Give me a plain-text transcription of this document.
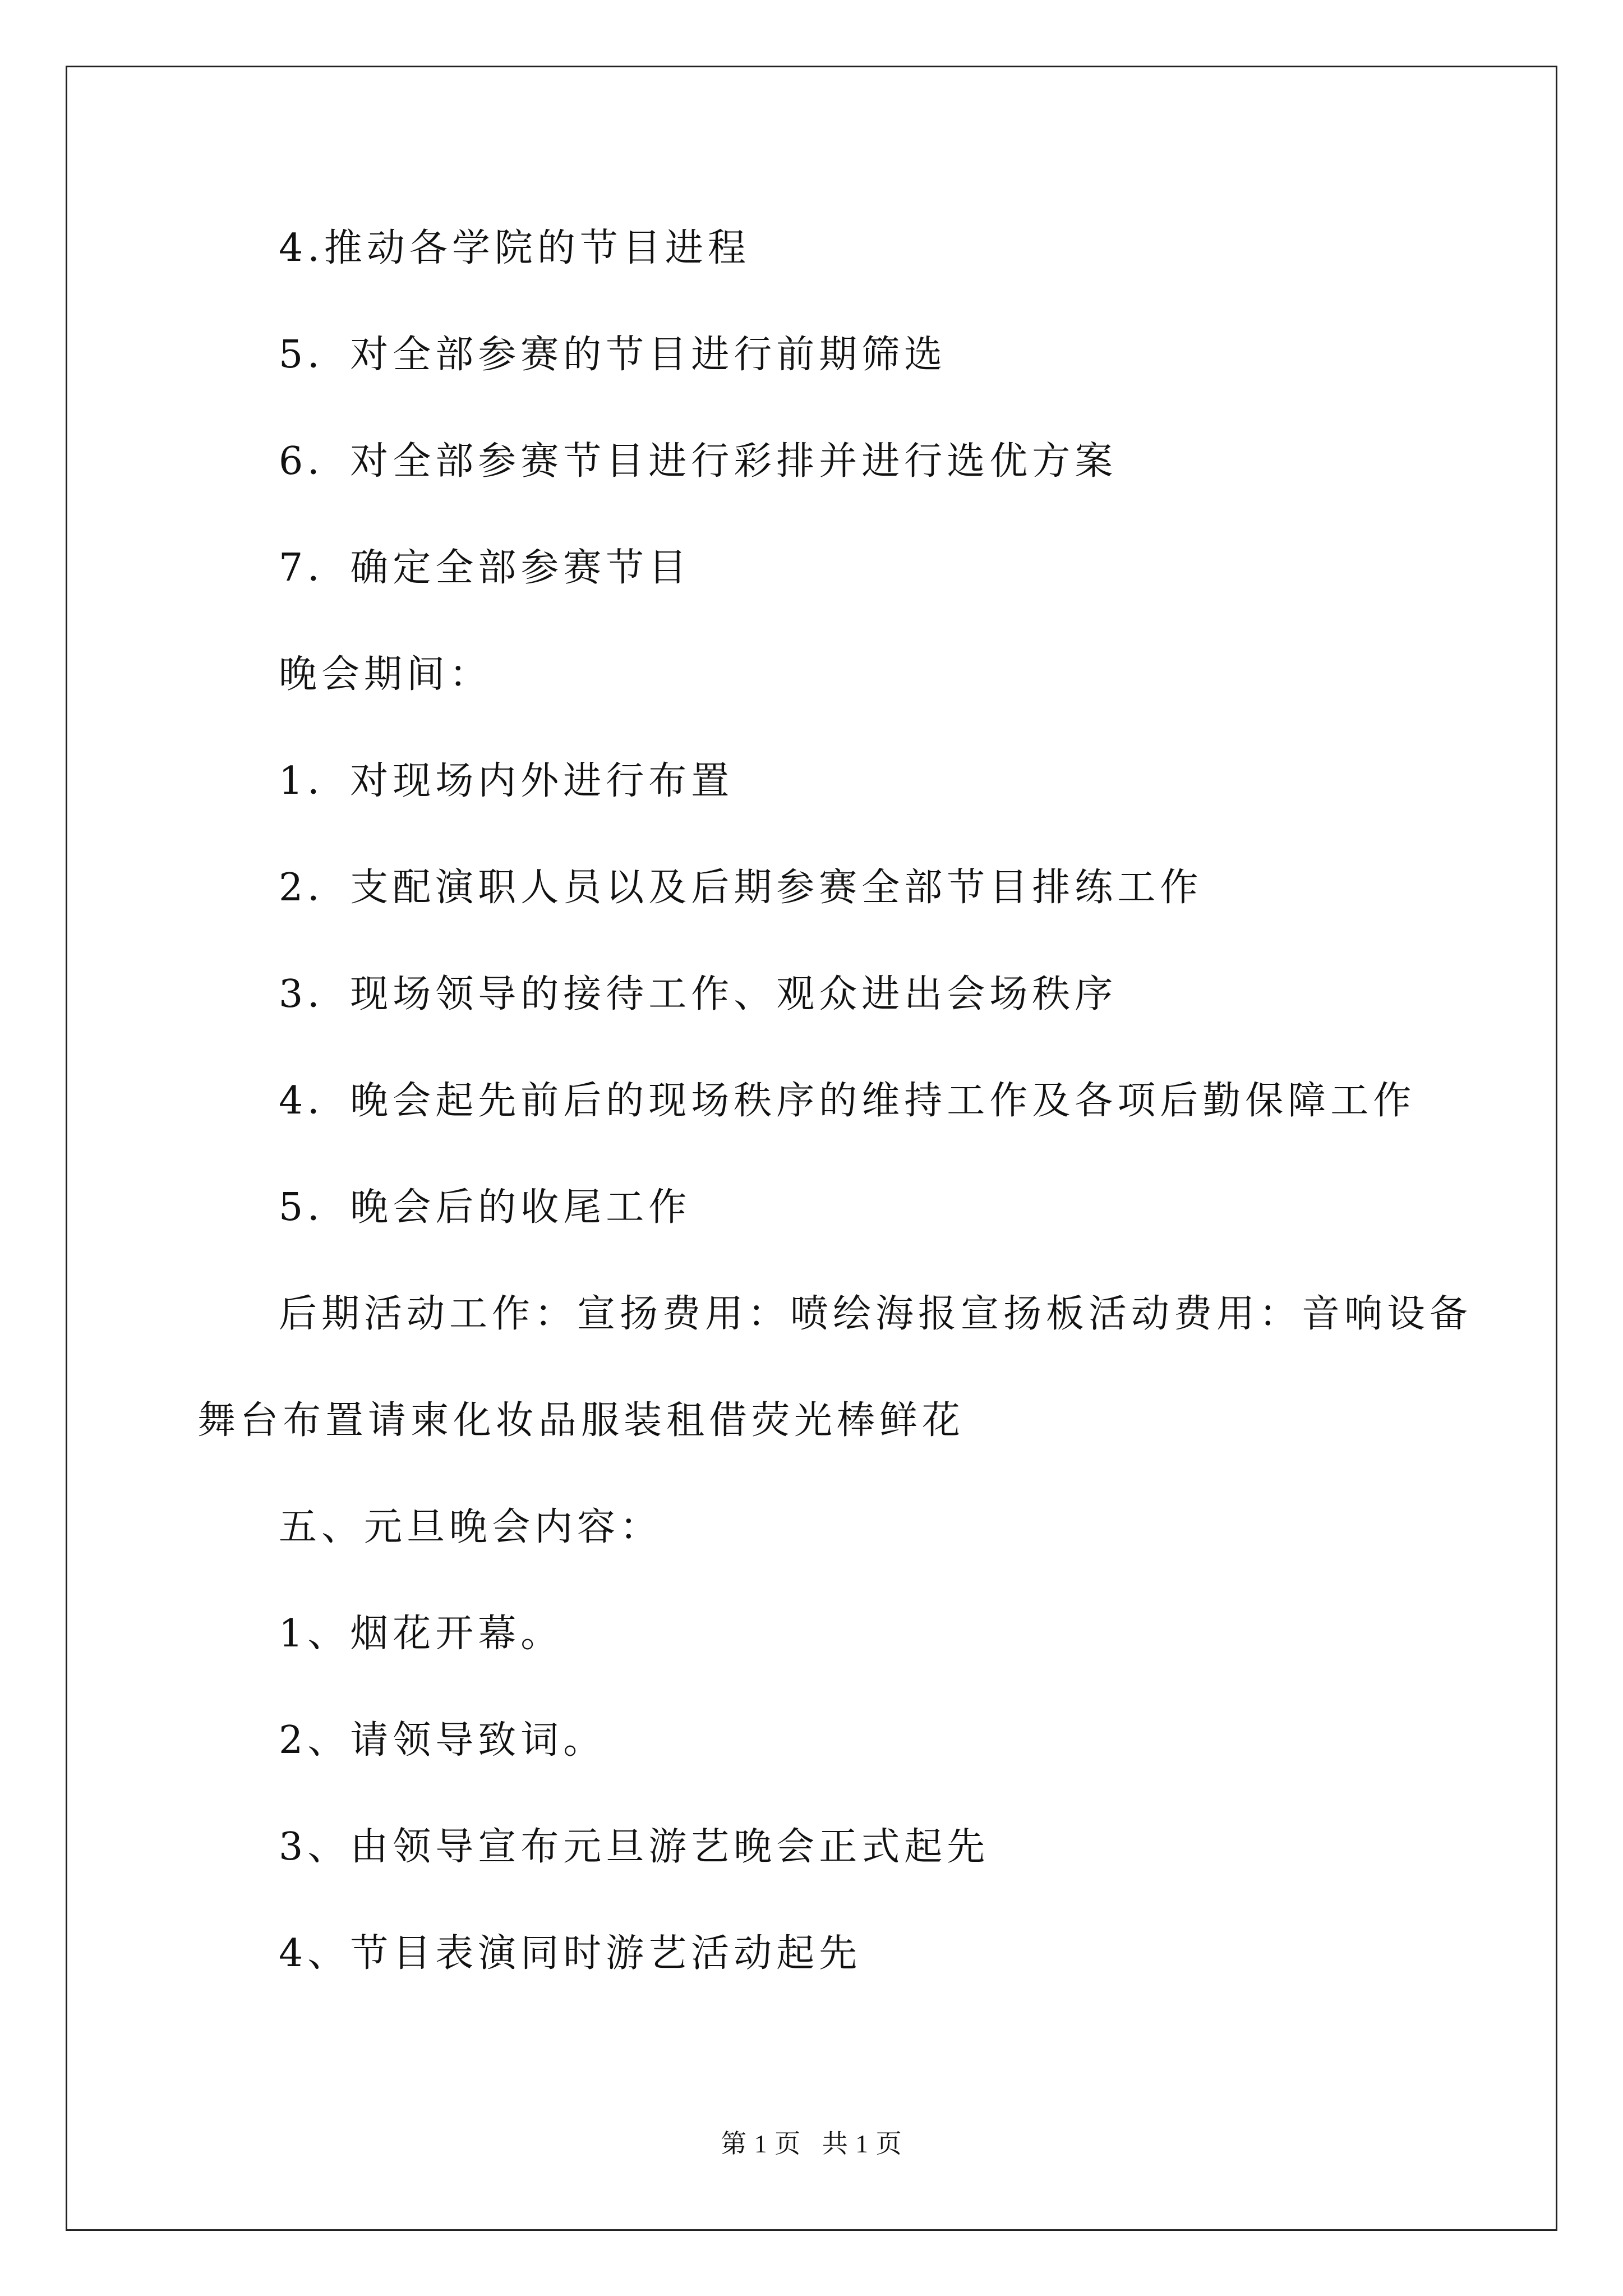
4.推动各学院的节目进程
5．对全部参赛的节目进行前期筛选
6．对全部参赛节目进行彩排并进行选优方案
7．确定全部参赛节目
晚会期间：
1．对现场内外进行布置
2．支配演职人员以及后期参赛全部节目排练工作
3．现场领导的接待工作、观众进出会场秩序
4．晚会起先前后的现场秩序的维持工作及各项后勤保障工作
5．晚会后的收尾工作
后期活动工作：宣扬费用：喷绘海报宣扬板活动费用：音响设备
舞台布置请柬化妆品服装租借荧光棒鲜花
五、元旦晚会内容：
1、烟花开幕。
2、请领导致词。
3、由领导宣布元旦游艺晚会正式起先
4、节目表演同时游艺活动起先
第 1 页   共 1 页
